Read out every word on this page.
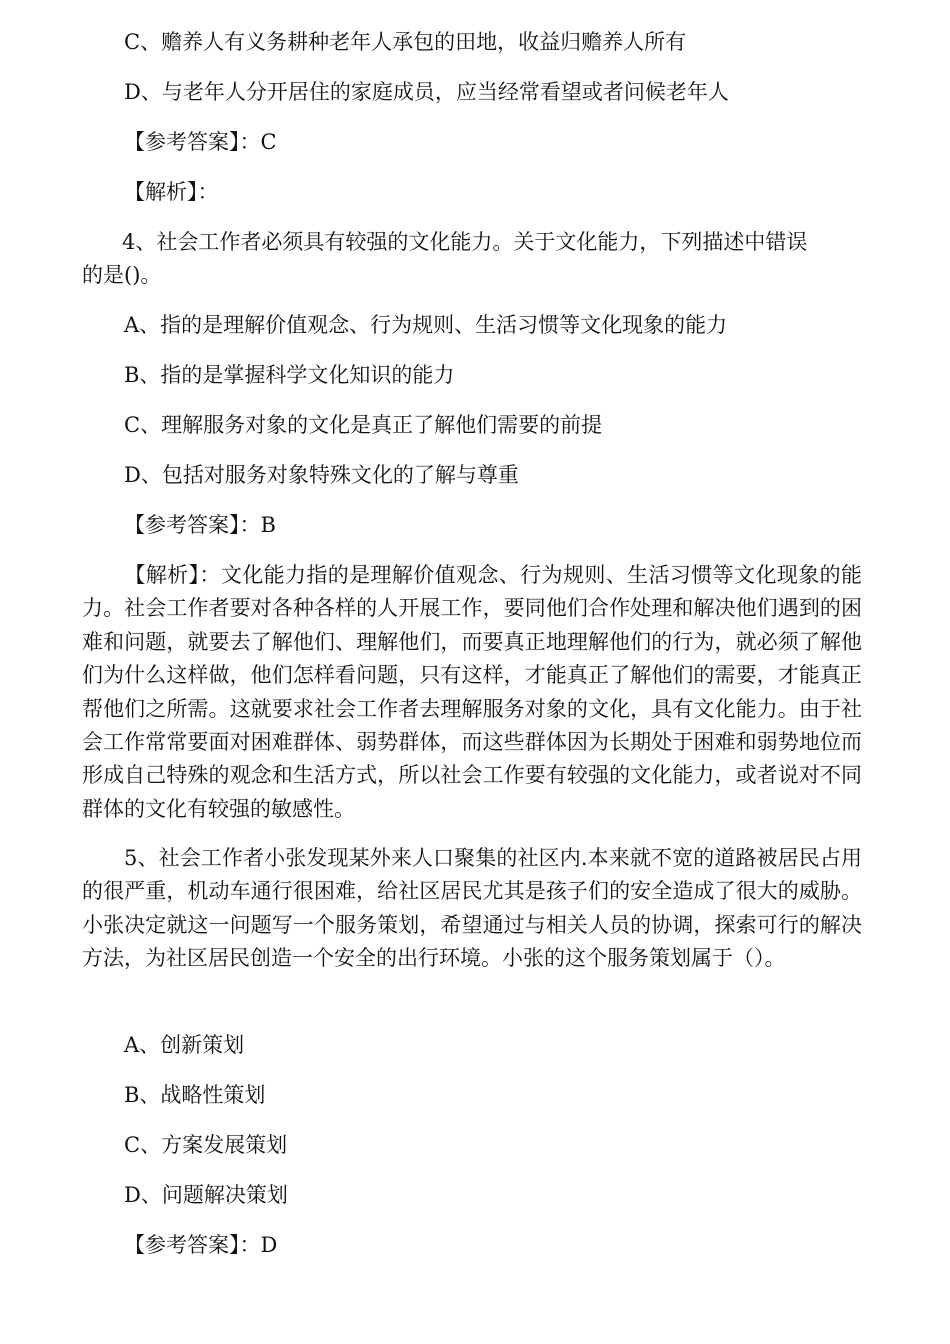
C、赡养人有义务耕种老年人承包的田地，收益归赡养人所有
D、与老年人分开居住的家庭成员，应当经常看望或者问候老年人
【参考答案】：C
【解析】：
4、社会工作者必须具有较强的文化能力。关于文化能力，下列描述中错误
的是()。
A、指的是理解价值观念、行为规则、生活习惯等文化现象的能力
B、指的是掌握科学文化知识的能力
C、理解服务对象的文化是真正了解他们需要的前提
D、包括对服务对象特殊文化的了解与尊重
【参考答案】：B
【解析】：文化能力指的是理解价值观念、行为规则、生活习惯等文化现象的能力。社会工作者要对各种各样的人开展工作，要同他们合作处理和解决他们遇到的困难和问题，就要去了解他们、理解他们，而要真正地理解他们的行为，就必须了解他们为什么这样做，他们怎样看问题，只有这样，才能真正了解他们的需要，才能真正帮他们之所需。这就要求社会工作者去理解服务对象的文化，具有文化能力。由于社会工作常常要面对困难群体、弱势群体，而这些群体因为长期处于困难和弱势地位而形成自己特殊的观念和生活方式，所以社会工作要有较强的文化能力，或者说对不同群体的文化有较强的敏感性。
5、社会工作者小张发现某外来人口聚集的社区内.本来就不宽的道路被居民占用的很严重，机动车通行很困难，给社区居民尤其是孩子们的安全造成了很大的威胁。小张决定就这一问题写一个服务策划，希望通过与相关人员的协调，探索可行的解决方法，为社区居民创造一个安全的出行环境。小张的这个服务策划属于（）。
A、创新策划
B、战略性策划
C、方案发展策划
D、问题解决策划
【参考答案】：D
